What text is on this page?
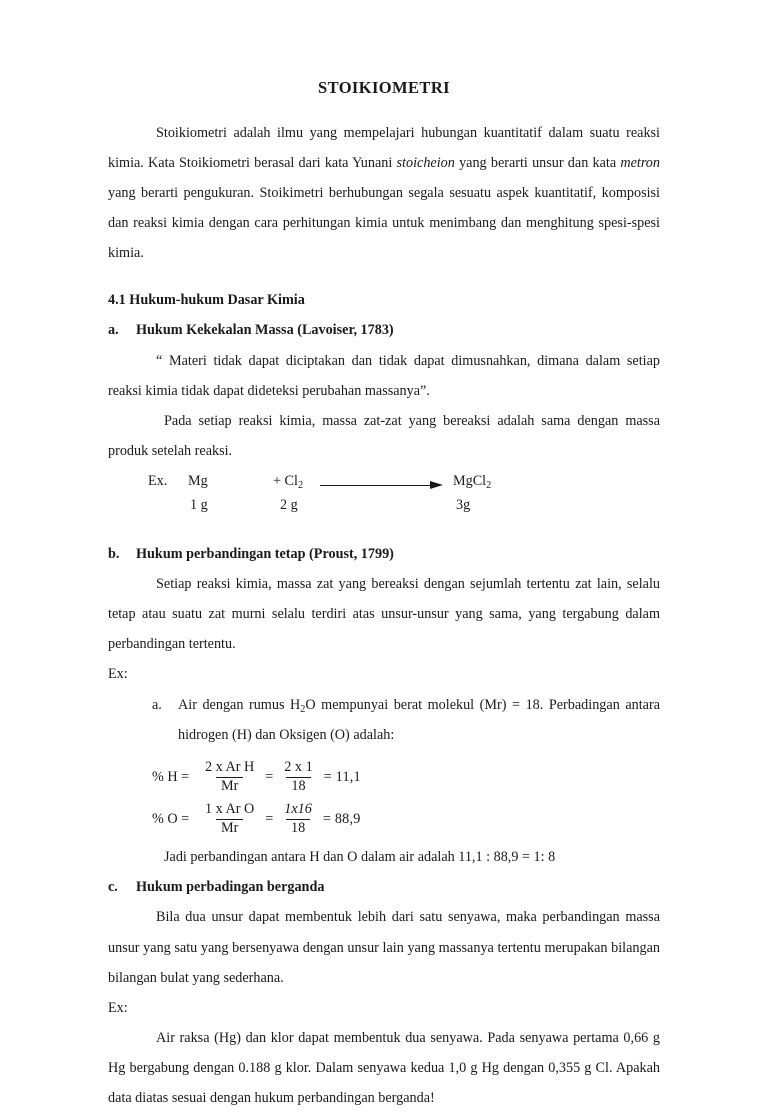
STOIKIOMETRI

Stoikiometri adalah ilmu yang mempelajari hubungan kuantitatif dalam suatu reaksi kimia. Kata Stoikiometri berasal dari kata Yunani stoicheion yang berarti unsur dan kata metron yang berarti pengukuran. Stoikimetri berhubungan segala sesuatu aspek kuantitatif, komposisi dan reaksi kimia dengan cara perhitungan kimia untuk menimbang dan menghitung spesi-spesi kimia.

4.1 Hukum-hukum Dasar Kimia
a. Hukum Kekekalan Massa (Lavoiser, 1783)

“ Materi tidak dapat diciptakan dan tidak dapat dimusnahkan, dimana dalam setiap reaksi kimia tidak dapat dideteksi perubahan massanya”.

Pada setiap reaksi kimia, massa zat-zat yang bereaksi adalah sama dengan massa produk setelah reaksi.

Ex. Mg	+ $Cl_2$	MgCl$_2$
1 g	2 g	3g
b. Hukum perbandingan tetap (Proust, 1799)

Setiap reaksi kimia, massa zat yang bereaksi dengan sejumlah tertentu zat lain, selalu tetap atau suatu zat murni selalu terdiri atas unsur-unsur yang sama, yang tergabung dalam perbandingan tertentu.

Ex:
a. Air dengan rumus $H_2O$ mempunyai berat molekul (Mr) = 18. Perbadingan antara hidrogen (H) dan Oksigen (O) adalah:
% $H = \frac{\text{2 x Ar H}}{Mr} = \frac{2 x 1}{18} = 11,1$
% $O = \frac{\text{1 x Ar O}}{Mr} = \frac{1x16}{18} = 88,9$
Jadi perbandingan antara H dan O dalam air adalah 11,1 : 88,9 = 1: 8
c. Hukum perbadingan berganda

Bila dua unsur dapat membentuk lebih dari satu senyawa, maka perbandingan massa unsur yang satu yang bersenyawa dengan unsur lain yang massanya tertentu merupakan bilangan bilangan bulat yang sederhana.

Ex:

Air raksa (Hg) dan klor dapat membentuk dua senyawa. Pada senyawa pertama 0,66 g Hg bergabung dengan 0.188 g klor. Dalam senyawa kedua 1,0 g Hg dengan 0,355 g Cl. Apakah data diatas sesuai dengan hukum perbandingan berganda!
